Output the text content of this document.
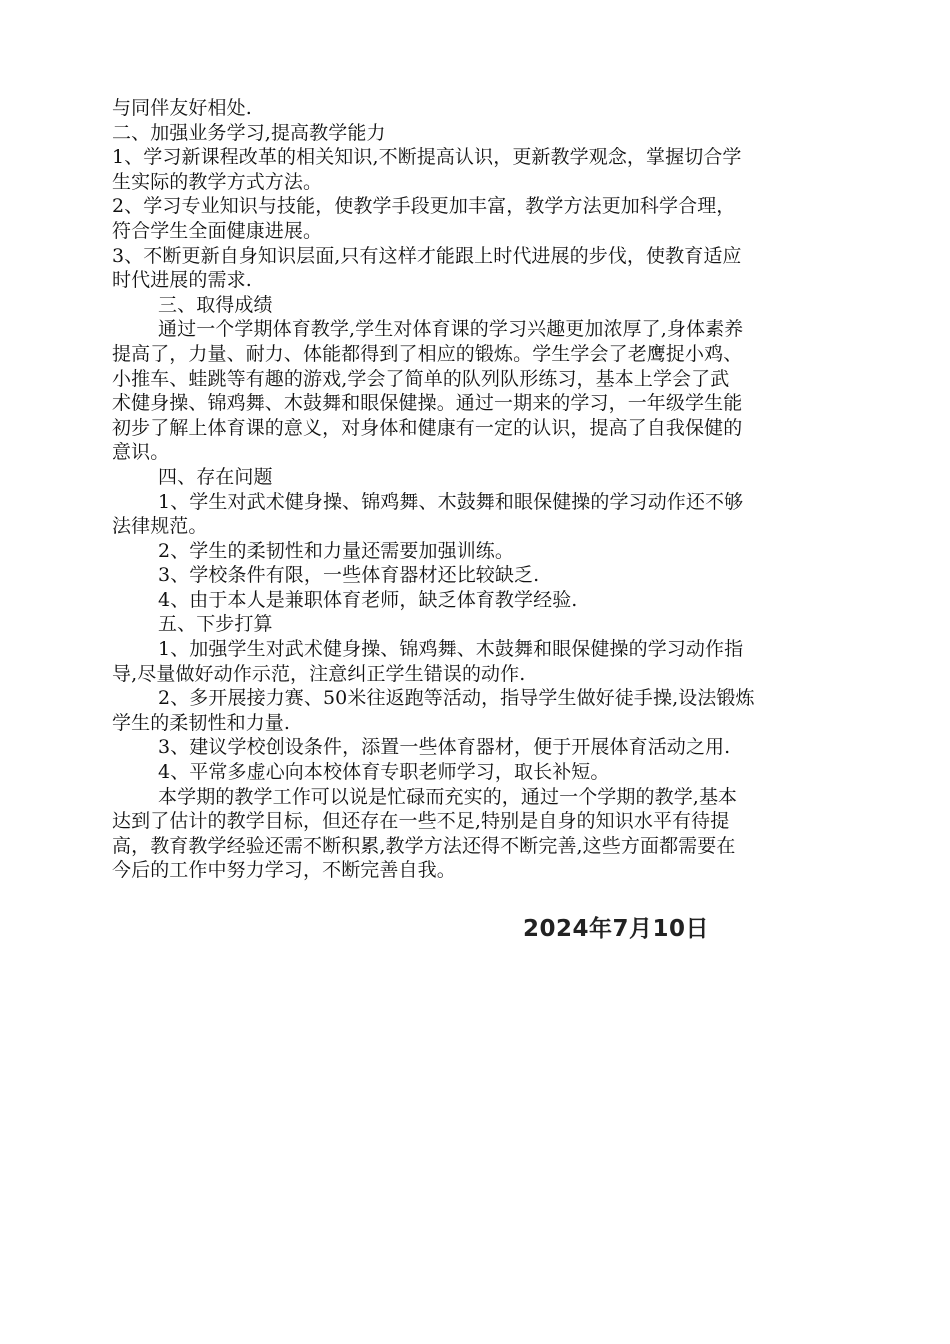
与同伴友好相处.
二、加强业务学习,提高教学能力
1、学习新课程改革的相关知识,不断提高认识，更新教学观念，掌握切合学
生实际的教学方式方法。
2、学习专业知识与技能，使教学手段更加丰富，教学方法更加科学合理，
符合学生全面健康进展。
3、不断更新自身知识层面,只有这样才能跟上时代进展的步伐，使教育适应
时代进展的需求.
三、取得成绩
通过一个学期体育教学,学生对体育课的学习兴趣更加浓厚了,身体素养
提高了，力量、耐力、体能都得到了相应的锻炼。学生学会了老鹰捉小鸡、
小推车、蛙跳等有趣的游戏,学会了简单的队列队形练习，基本上学会了武
术健身操、锦鸡舞、木鼓舞和眼保健操。通过一期来的学习，一年级学生能
初步了解上体育课的意义，对身体和健康有一定的认识，提高了自我保健的
意识。
四、存在问题
1、学生对武术健身操、锦鸡舞、木鼓舞和眼保健操的学习动作还不够
法律规范。
2、学生的柔韧性和力量还需要加强训练。
3、学校条件有限，一些体育器材还比较缺乏.
4、由于本人是兼职体育老师，缺乏体育教学经验.
五、下步打算
1、加强学生对武术健身操、锦鸡舞、木鼓舞和眼保健操的学习动作指
导,尽量做好动作示范，注意纠正学生错误的动作.
2、多开展接力赛、50米往返跑等活动，指导学生做好徒手操,设法锻炼
学生的柔韧性和力量.
3、建议学校创设条件，添置一些体育器材，便于开展体育活动之用.
4、平常多虚心向本校体育专职老师学习，取长补短。
本学期的教学工作可以说是忙碌而充实的，通过一个学期的教学,基本
达到了估计的教学目标，但还存在一些不足,特别是自身的知识水平有待提
高，教育教学经验还需不断积累,教学方法还得不断完善,这些方面都需要在
今后的工作中努力学习，不断完善自我。
2024年7月10日
